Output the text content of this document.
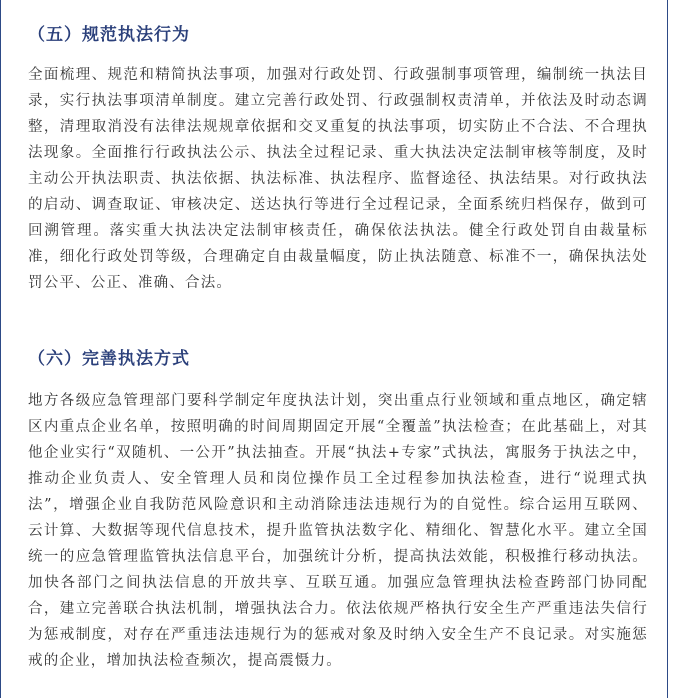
（五）规范执法行为
全面梳理、规范和精简执法事项，加强对行政处罚、行政强制事项管理，编制统一执法目录，实行执法事项清单制度。建立完善行政处罚、行政强制权责清单，并依法及时动态调整，清理取消没有法律法规规章依据和交叉重复的执法事项，切实防止不合法、不合理执法现象。全面推行行政执法公示、执法全过程记录、重大执法决定法制审核等制度，及时主动公开执法职责、执法依据、执法标准、执法程序、监督途径、执法结果。对行政执法的启动、调查取证、审核决定、送达执行等进行全过程记录，全面系统归档保存，做到可回溯管理。落实重大执法决定法制审核责任，确保依法执法。健全行政处罚自由裁量标准，细化行政处罚等级，合理确定自由裁量幅度，防止执法随意、标准不一，确保执法处罚公平、公正、准确、合法。
（六）完善执法方式
地方各级应急管理部门要科学制定年度执法计划，突出重点行业领域和重点地区，确定辖区内重点企业名单，按照明确的时间周期固定开展“全覆盖”执法检查；在此基础上，对其他企业实行“双随机、一公开”执法抽查。开展“执法+专家”式执法，寓服务于执法之中，推动企业负责人、安全管理人员和岗位操作员工全过程参加执法检查，进行“说理式执法”，增强企业自我防范风险意识和主动消除违法违规行为的自觉性。综合运用互联网、云计算、大数据等现代信息技术，提升监管执法数字化、精细化、智慧化水平。建立全国统一的应急管理监管执法信息平台，加强统计分析，提高执法效能，积极推行移动执法。加快各部门之间执法信息的开放共享、互联互通。加强应急管理执法检查跨部门协同配合，建立完善联合执法机制，增强执法合力。依法依规严格执行安全生产严重违法失信行为惩戒制度，对存在严重违法违规行为的惩戒对象及时纳入安全生产不良记录。对实施惩戒的企业，增加执法检查频次，提高震慑力。
